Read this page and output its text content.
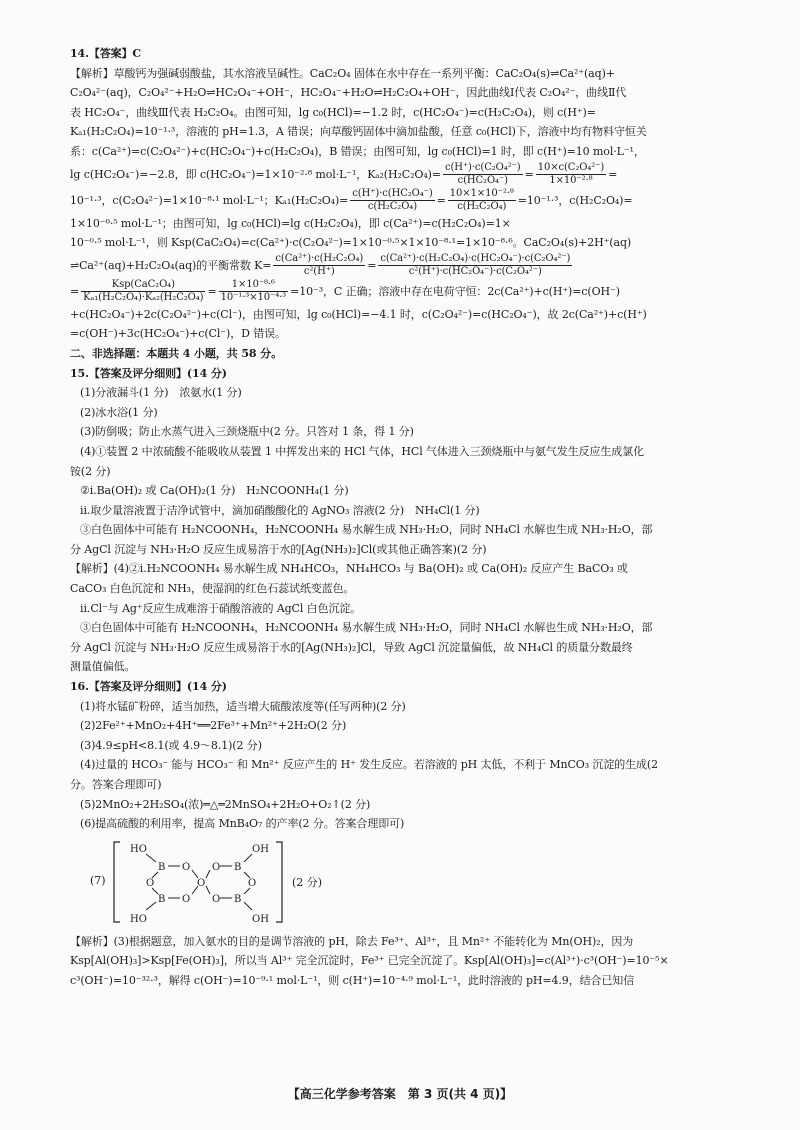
14.【答案】C
【解析】草酸钙为强碱弱酸盐，其水溶液呈碱性。CaC₂O₄ 固体在水中存在一系列平衡：CaC₂O₄(s)⇌Ca²⁺(aq)+
C₂O₄²⁻(aq)，C₂O₄²⁻+H₂O⇌HC₂O₄⁻+OH⁻，HC₂O₄⁻+H₂O⇌H₂C₂O₄+OH⁻，因此曲线Ⅰ代表 C₂O₄²⁻，曲线Ⅱ代
表 HC₂O₄⁻，曲线Ⅲ代表 H₂C₂O₄。由图可知，lg c₀(HCl)=−1.2 时，c(HC₂O₄⁻)=c(H₂C₂O₄)，则 c(H⁺)=
Kₐ₁(H₂C₂O₄)=10⁻¹·³，溶液的 pH=1.3，A 错误；向草酸钙固体中滴加盐酸，任意 c₀(HCl)下，溶液中均有物料守恒关
系：c(Ca²⁺)=c(C₂O₄²⁻)+c(HC₂O₄⁻)+c(H₂C₂O₄)，B 错误；由图可知，lg c₀(HCl)=1 时，即 c(H⁺)=10 mol·L⁻¹，
lg c(HC₂O₄⁻)=−2.8，即 c(HC₂O₄⁻)=1×10⁻²·⁸ mol·L⁻¹，$K_{a2}(H_2C_2O_4)= \frac{\text{c(H⁺)·c(C₂O₄²⁻)}}{\text{c(HC₂O₄⁻)}} = \frac{\text{10×c(C₂O₄²⁻)}}{\text{1×10⁻²·⁸}}$ =
10⁻¹·³，c(C₂O₄²⁻)=1×10⁻⁸·¹ mol·L⁻¹；$K_{a1}(H_2C_2O_4)= \frac{\text{c(H⁺)·c(HC₂O₄⁻)}}{\text{c(H₂C₂O₄)}} = \frac{\text{10×1×10⁻²·⁸}}{\text{c(H₂C₂O₄)}} =10^{-1}\cdot^3$，c(H₂C₂O₄)=
1×10⁻⁰·⁵ mol·L⁻¹；由图可知，lg c₀(HCl)=lg c(H₂C₂O₄)，即 c(Ca²⁺)=c(H₂C₂O₄)=1×
10⁻⁰·⁵ mol·L⁻¹，则 Ksp(CaC₂O₄)=c(Ca²⁺)·c(C₂O₄²⁻)=1×10⁻⁰·⁵×1×10⁻⁸·¹=1×10⁻⁸·⁶。CaC₂O₄(s)+2H⁺(aq)
⇌Ca²⁺(aq)+H₂C₂O₄(aq)的平衡常数 $K= \frac{\text{c(Ca²⁺)·c(H₂C₂O₄)}}{\text{c²(H⁺)}} = \frac{\text{c(Ca²⁺)·c(H₂C₂O₄)·c(HC₂O₄⁻)·c(C₂O₄²⁻)}}{\text{c²(H⁺)·c(HC₂O₄⁻)·c(C₂O₄²⁻)}}$
= $\frac{\text{Ksp(CaC₂O₄)}}{\text{Kₐ₁(H₂C₂O₄)·Kₐ₂(H₂C₂O₄)}} = \frac{\text{1×10⁻⁸·⁶}}{\text{10⁻¹·³×10⁻⁴·³}} =10^{-3}$，C 正确；溶液中存在电荷守恒：2c(Ca²⁺)+c(H⁺)=c(OH⁻)
+c(HC₂O₄⁻)+2c(C₂O₄²⁻)+c(Cl⁻)，由图可知，lg c₀(HCl)=−4.1 时，c(C₂O₄²⁻)=c(HC₂O₄⁻)，故 2c(Ca²⁺)+c(H⁺)
=c(OH⁻)+3c(HC₂O₄⁻)+c(Cl⁻)，D 错误。
二、非选择题：本题共 4 小题，共 58 分。
15.【答案及评分细则】(14 分)
(1)分液漏斗(1 分)　浓氨水(1 分)
(2)冰水浴(1 分)
(3)防倒吸；防止水蒸气进入三颈烧瓶中(2 分。只答对 1 条，得 1 分)
(4)①装置 2 中浓硫酸不能吸收从装置 1 中挥发出来的 HCl 气体，HCl 气体进入三颈烧瓶中与氨气发生反应生成氯化
铵(2 分)
②ⅰ.Ba(OH)₂ 或 Ca(OH)₂(1 分)　H₂NCOONH₄(1 分)
ⅱ.取少量溶液置于洁净试管中，滴加硝酸酸化的 AgNO₃ 溶液(2 分)　NH₄Cl(1 分)
③白色固体中可能有 H₂NCOONH₄，H₂NCOONH₄ 易水解生成 NH₃·H₂O，同时 NH₄Cl 水解也生成 NH₃·H₂O，部
分 AgCl 沉淀与 NH₃·H₂O 反应生成易溶于水的[Ag(NH₃)₂]Cl(或其他正确答案)(2 分)
【解析】(4)②ⅰ.H₂NCOONH₄ 易水解生成 NH₄HCO₃，NH₄HCO₃ 与 Ba(OH)₂ 或 Ca(OH)₂ 反应产生 BaCO₃ 或
CaCO₃ 白色沉淀和 NH₃，使湿润的红色石蕊试纸变蓝色。
ⅱ.Cl⁻与 Ag⁺反应生成难溶于硝酸溶液的 AgCl 白色沉淀。
③白色固体中可能有 H₂NCOONH₄，H₂NCOONH₄ 易水解生成 NH₃·H₂O，同时 NH₄Cl 水解也生成 NH₃·H₂O，部
分 AgCl 沉淀与 NH₃·H₂O 反应生成易溶于水的[Ag(NH₃)₂]Cl，导致 AgCl 沉淀量偏低，故 NH₄Cl 的质量分数最终
测量值偏低。
16.【答案及评分细则】(14 分)
(1)将水锰矿粉碎，适当加热，适当增大硫酸浓度等(任写两种)(2 分)
(2)2Fe²⁺+MnO₂+4H⁺══2Fe³⁺+Mn²⁺+2H₂O(2 分)
(3)4.9≤pH<8.1(或 4.9～8.1)(2 分)
(4)过量的 HCO₃⁻ 能与 HCO₃⁻ 和 Mn²⁺ 反应产生的 H⁺ 发生反应。若溶液的 pH 太低，不利于 MnCO₃ 沉淀的生成(2
分。答案合理即可)
(5)2MnO₂+2H₂SO₄(浓)═△═2MnSO₄+2H₂O+O₂↑(2 分)
(6)提高硫酸的利用率，提高 MnB₄O₇ 的产率(2 分。答案合理即可)
(7)
HO	OH
HO	OH
B	B
B	B
O O
O O
O	O
O	(2 分)
【解析】(3)根据题意，加入氨水的目的是调节溶液的 pH，除去 Fe³⁺、Al³⁺，且 Mn²⁺ 不能转化为 Mn(OH)₂，因为
Ksp[Al(OH)₃]>Ksp[Fe(OH)₃]，所以当 Al³⁺ 完全沉淀时，Fe³⁺ 已完全沉淀了。Ksp[Al(OH)₃]=c(Al³⁺)·c³(OH⁻)=10⁻⁵×
c³(OH⁻)=10⁻³²·³，解得 c(OH⁻)=10⁻⁹·¹ mol·L⁻¹，则 c(H⁺)=10⁻⁴·⁹ mol·L⁻¹，此时溶液的 pH=4.9，结合已知信
【高三化学参考答案　第 3 页(共 4 页)】
